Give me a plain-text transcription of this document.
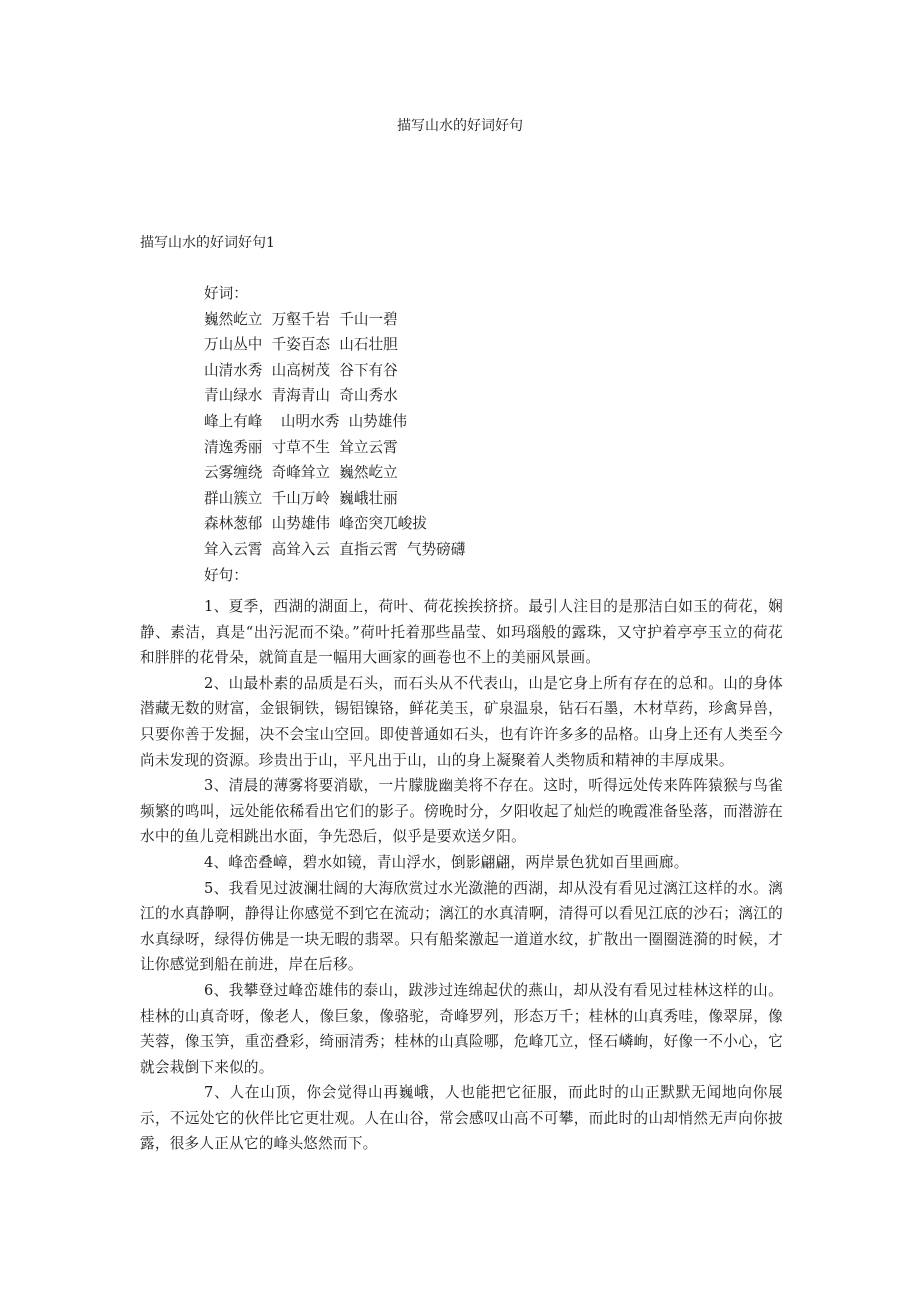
描写山水的好词好句
描写山水的好词好句1
好词：
巍然屹立  万壑千岩  千山一碧
万山丛中  千姿百态  山石壮胆
山清水秀  山高树茂  谷下有谷
青山绿水  青海青山  奇山秀水
峰上有峰    山明水秀  山势雄伟
清逸秀丽  寸草不生  耸立云霄
云雾缠绕  奇峰耸立  巍然屹立
群山簇立  千山万岭  巍峨壮丽
森林葱郁  山势雄伟  峰峦突兀峻拔
耸入云霄  高耸入云  直指云霄  气势磅礴
好句：

1、夏季，西湖的湖面上，荷叶、荷花挨挨挤挤。最引人注目的是那洁白如玉的荷花，娴静、素洁，真是“出污泥而不染。”荷叶托着那些晶莹、如玛瑙般的露珠，又守护着亭亭玉立的荷花和胖胖的花骨朵，就简直是一幅用大画家的画卷也不上的美丽风景画。

2、山最朴素的品质是石头，而石头从不代表山，山是它身上所有存在的总和。山的身体潜藏无数的财富，金银铜铁，锡铝镍铬，鲜花美玉，矿泉温泉，钻石石墨，木材草药，珍禽异兽，只要你善于发掘，决不会宝山空回。即使普通如石头，也有许许多多的品格。山身上还有人类至今尚未发现的资源。珍贵出于山，平凡出于山，山的身上凝聚着人类物质和精神的丰厚成果。

3、清晨的薄雾将要消歇，一片朦胧幽美将不存在。这时，听得远处传来阵阵猿猴与鸟雀频繁的鸣叫，远处能依稀看出它们的影子。傍晚时分，夕阳收起了灿烂的晚霞准备坠落，而潜游在水中的鱼儿竞相跳出水面，争先恐后，似乎是要欢送夕阳。

4、峰峦叠嶂，碧水如镜，青山浮水，倒影翩翩，两岸景色犹如百里画廊。

5、我看见过波澜壮阔的大海欣赏过水光潋滟的西湖，却从没有看见过漓江这样的水。漓江的水真静啊，静得让你感觉不到它在流动；漓江的水真清啊，清得可以看见江底的沙石；漓江的水真绿呀，绿得仿佛是一块无暇的翡翠。只有船桨激起一道道水纹，扩散出一圈圈涟漪的时候，才让你感觉到船在前进，岸在后移。

6、我攀登过峰峦雄伟的泰山，跋涉过连绵起伏的燕山，却从没有看见过桂林这样的山。桂林的山真奇呀，像老人，像巨象，像骆驼，奇峰罗列，形态万千；桂林的山真秀哇，像翠屏，像芙蓉，像玉笋，重峦叠彩，绮丽清秀；桂林的山真险哪，危峰兀立，怪石嶙峋，好像一不小心，它就会栽倒下来似的。

7、人在山顶，你会觉得山再巍峨，人也能把它征服，而此时的山正默默无闻地向你展示，不远处它的伙伴比它更壮观。人在山谷，常会感叹山高不可攀，而此时的山却悄然无声向你披露，很多人正从它的峰头悠然而下。
